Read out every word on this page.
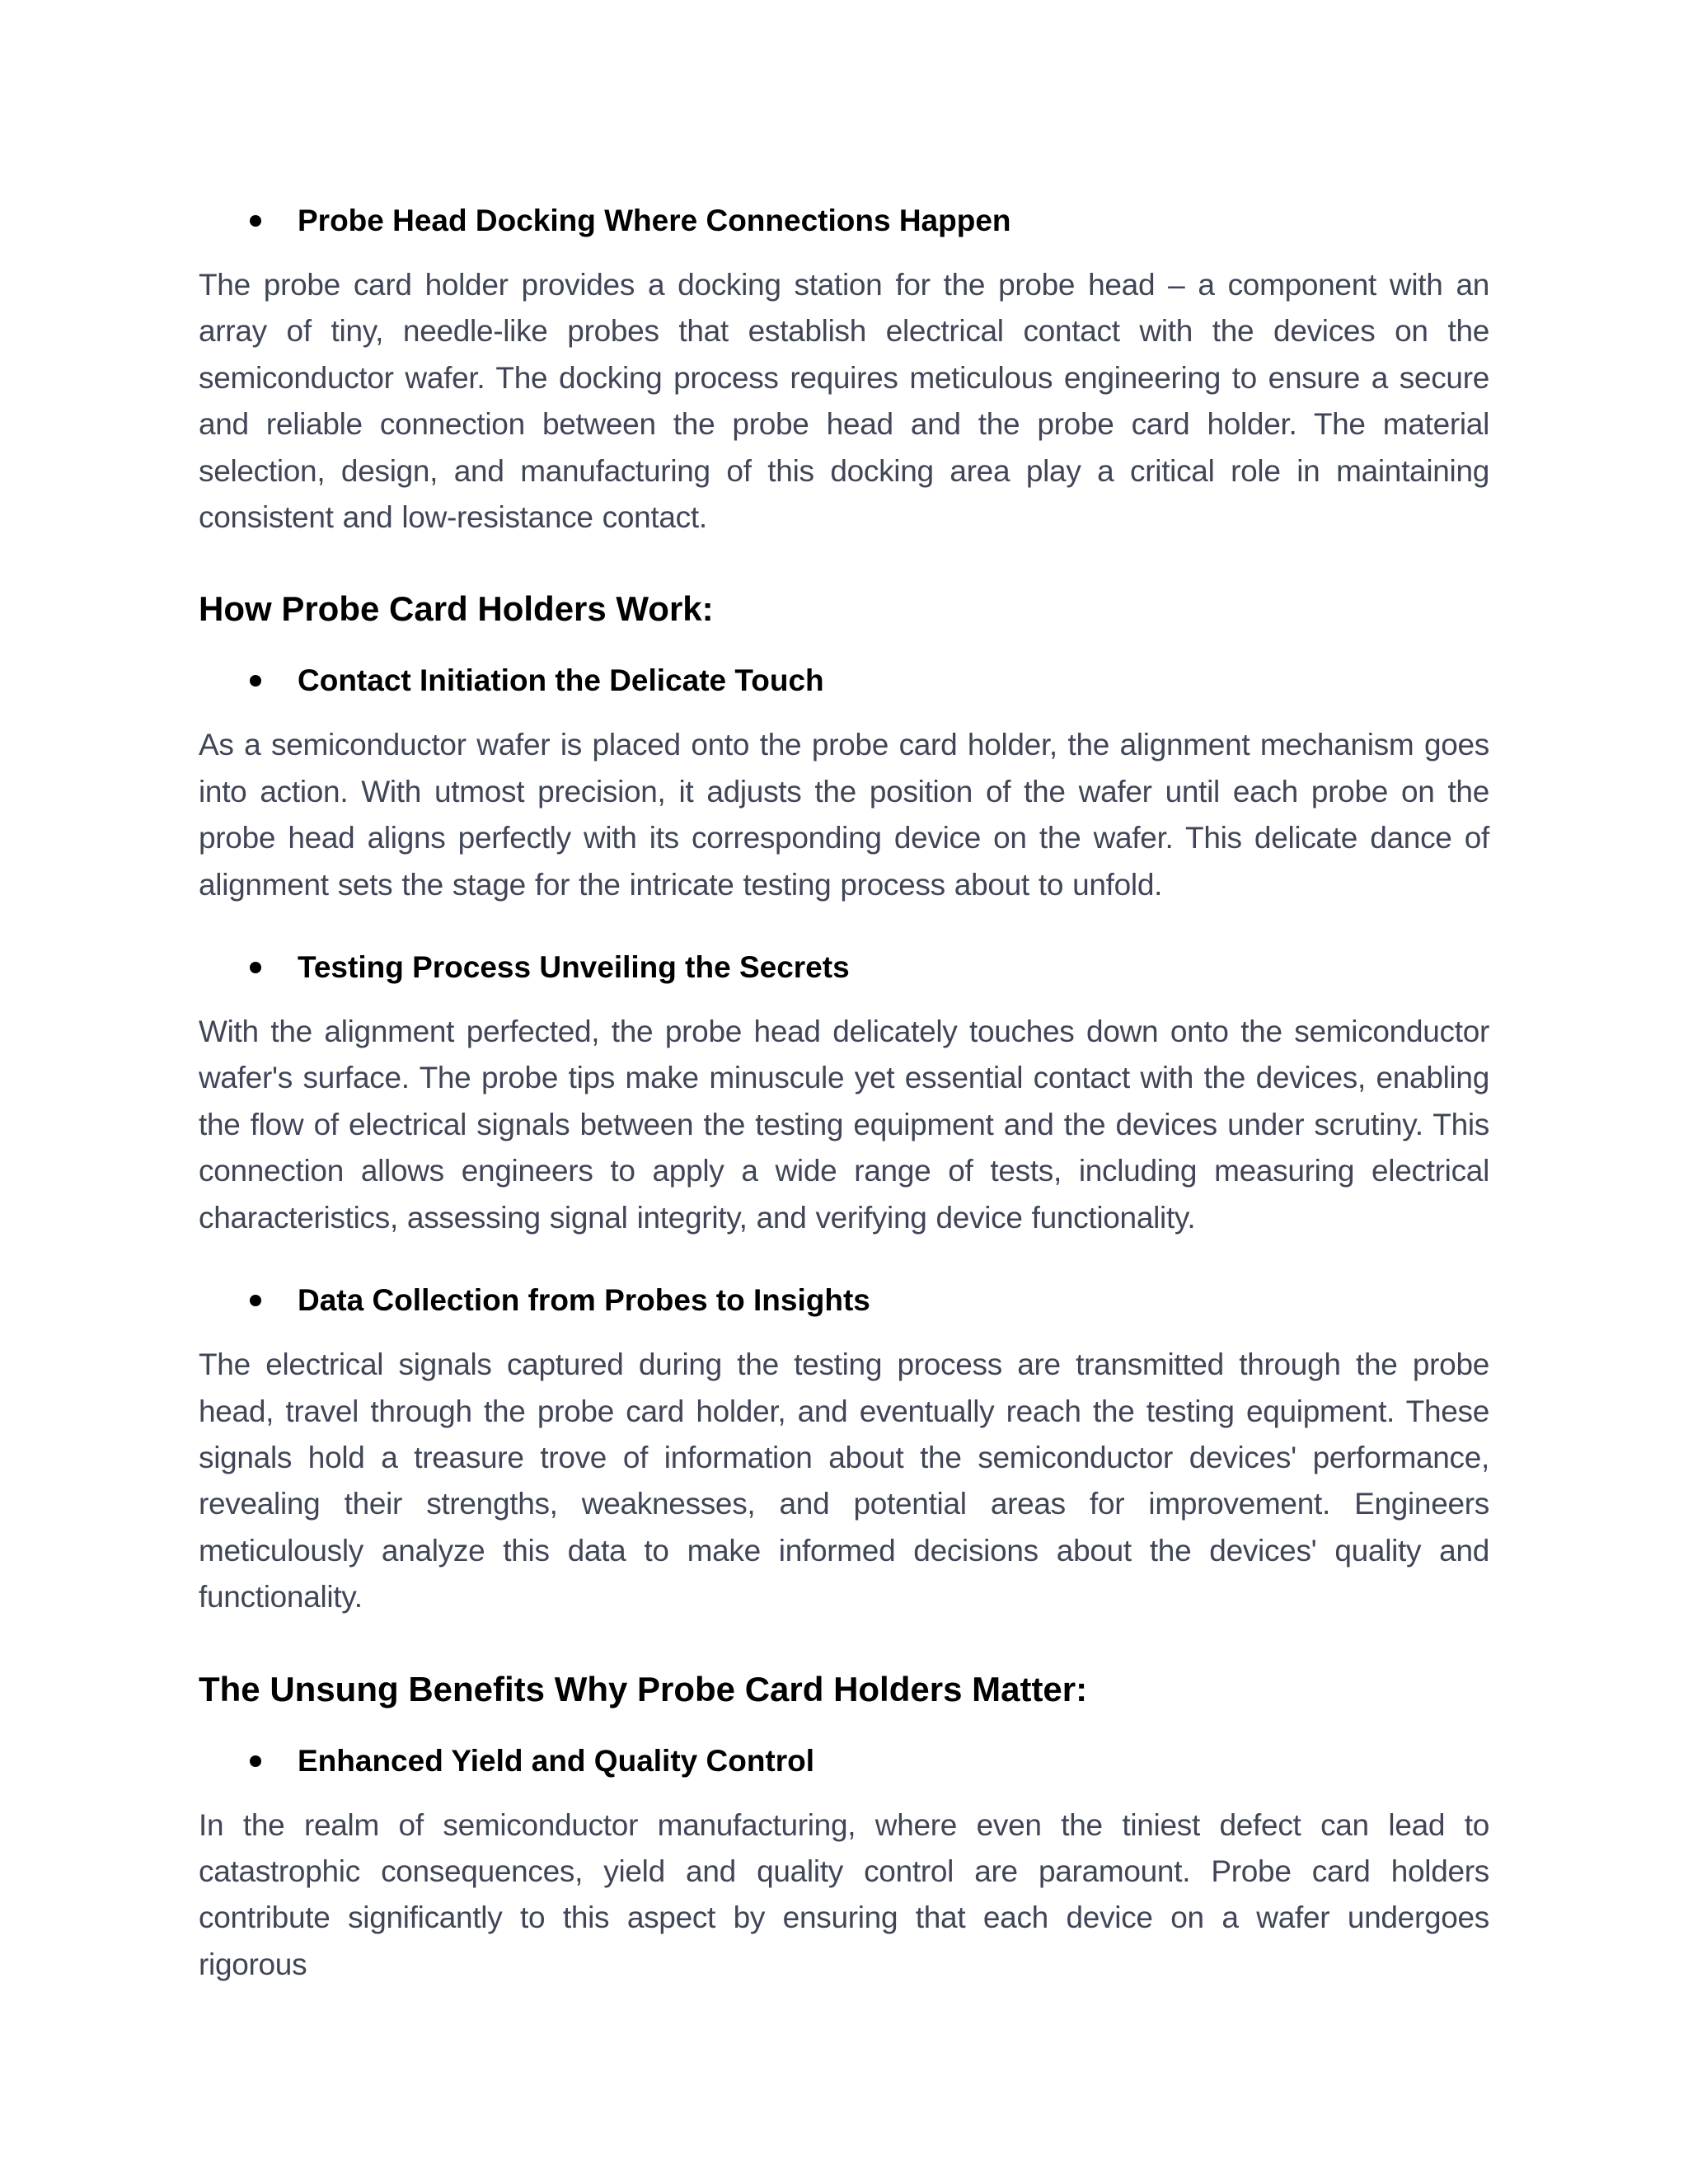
Probe Head Docking Where Connections Happen

The probe card holder provides a docking station for the probe head – a component with an array of tiny, needle-like probes that establish electrical contact with the devices on the semiconductor wafer. The docking process requires meticulous engineering to ensure a secure and reliable connection between the probe head and the probe card holder. The material selection, design, and manufacturing of this docking area play a critical role in maintaining consistent and low-resistance contact.

How Probe Card Holders Work:
Contact Initiation the Delicate Touch

As a semiconductor wafer is placed onto the probe card holder, the alignment mechanism goes into action. With utmost precision, it adjusts the position of the wafer until each probe on the probe head aligns perfectly with its corresponding device on the wafer. This delicate dance of alignment sets the stage for the intricate testing process about to unfold.

Testing Process Unveiling the Secrets

With the alignment perfected, the probe head delicately touches down onto the semiconductor wafer's surface. The probe tips make minuscule yet essential contact with the devices, enabling the flow of electrical signals between the testing equipment and the devices under scrutiny. This connection allows engineers to apply a wide range of tests, including measuring electrical characteristics, assessing signal integrity, and verifying device functionality.

Data Collection from Probes to Insights

The electrical signals captured during the testing process are transmitted through the probe head, travel through the probe card holder, and eventually reach the testing equipment. These signals hold a treasure trove of information about the semiconductor devices' performance, revealing their strengths, weaknesses, and potential areas for improvement. Engineers meticulously analyze this data to make informed decisions about the devices' quality and functionality.

The Unsung Benefits Why Probe Card Holders Matter:
Enhanced Yield and Quality Control

In the realm of semiconductor manufacturing, where even the tiniest defect can lead to catastrophic consequences, yield and quality control are paramount. Probe card holders contribute significantly to this aspect by ensuring that each device on a wafer undergoes rigorous
